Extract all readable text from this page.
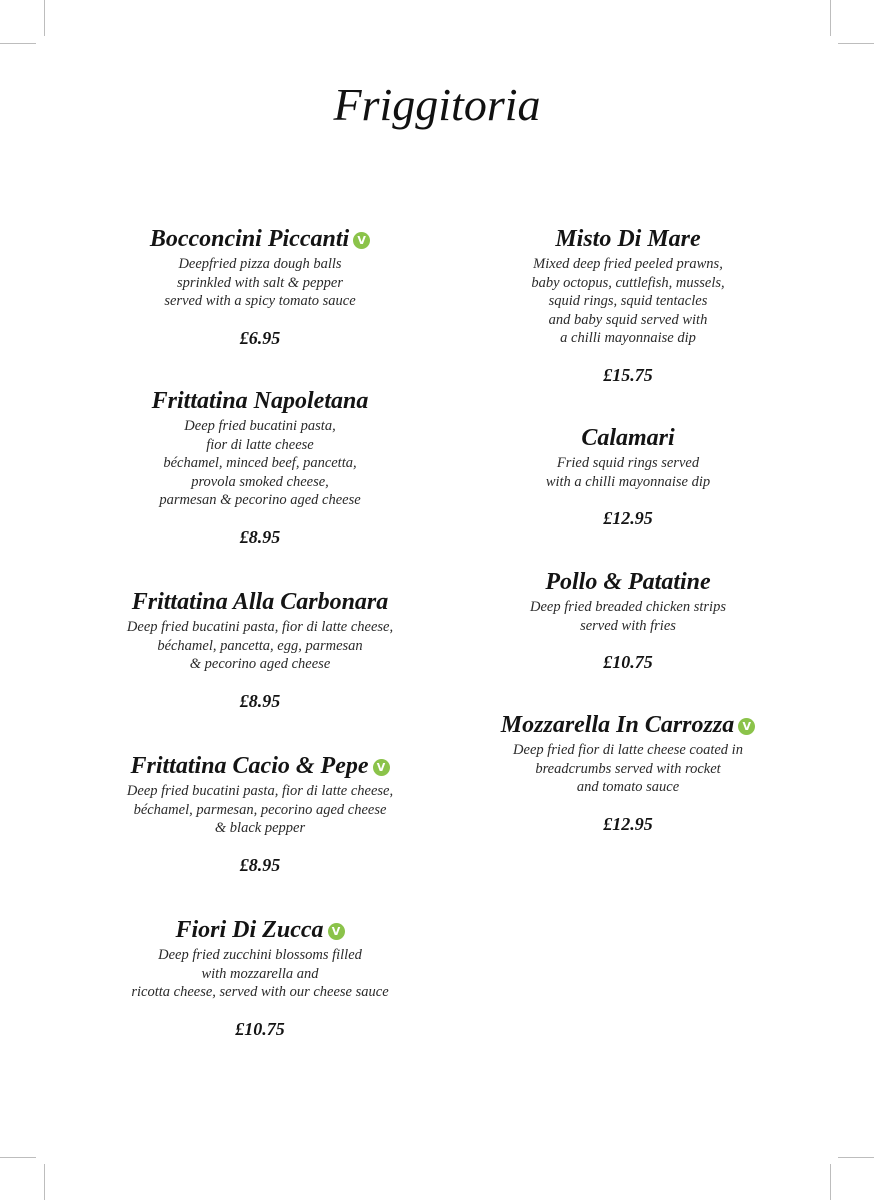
Friggitoria
Bocconcini Piccanti V
Deepfried pizza dough balls
sprinkled with salt & pepper
served with a spicy tomato sauce
£6.95
Frittatina Napoletana
Deep fried bucatini pasta,
fior di latte cheese
béchamel, minced beef, pancetta,
provola smoked cheese,
parmesan & pecorino aged cheese
£8.95
Frittatina Alla Carbonara
Deep fried bucatini pasta, fior di latte cheese,
béchamel, pancetta, egg, parmesan
& pecorino aged cheese
£8.95
Frittatina Cacio & Pepe V
Deep fried bucatini pasta, fior di latte cheese,
béchamel, parmesan, pecorino aged cheese
& black pepper
£8.95
Fiori Di Zucca V
Deep fried zucchini blossoms filled
with mozzarella and
ricotta cheese, served with our cheese sauce
£10.75
Misto Di Mare
Mixed deep fried peeled prawns,
baby octopus, cuttlefish, mussels,
squid rings, squid tentacles
and baby squid served with
a chilli mayonnaise dip
£15.75
Calamari
Fried squid rings served
with a chilli mayonnaise dip
£12.95
Pollo & Patatine
Deep fried breaded chicken strips
served with fries
£10.75
Mozzarella In Carrozza V
Deep fried fior di latte cheese coated in
breadcrumbs served with rocket
and tomato sauce
£12.95
